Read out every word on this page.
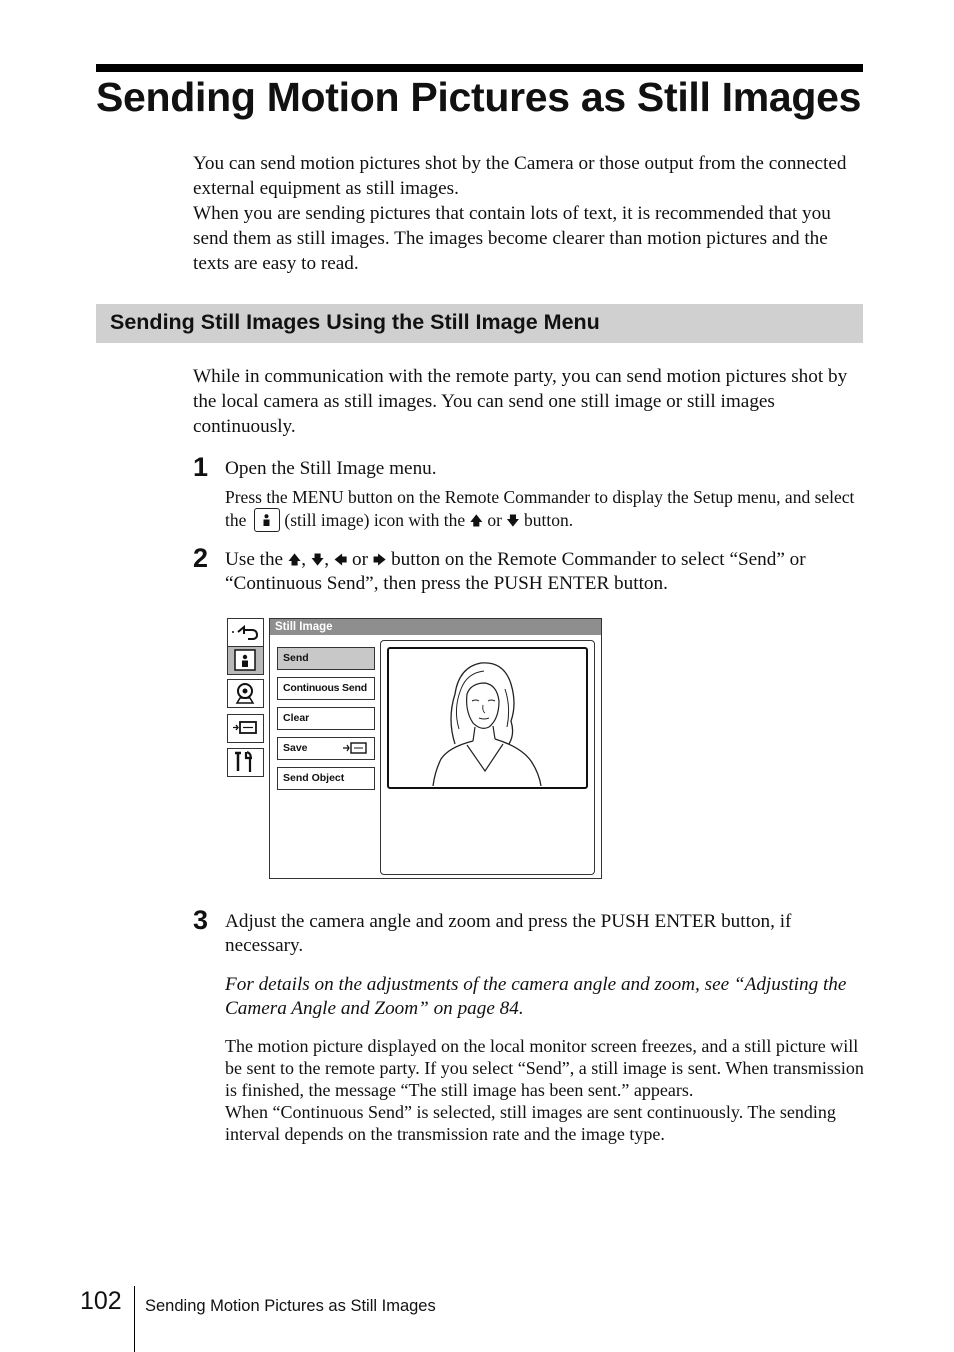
Sending Motion Pictures as Still Images
You can send motion pictures shot by the Camera or those output from the connected external equipment as still images.
When you are sending pictures that contain lots of text, it is recommended that you send them as still images. The images become clearer than motion pictures and the texts are easy to read.
Sending Still Images Using the Still Image Menu
While in communication with the remote party, you can send motion pictures shot by the local camera as still images. You can send one still image or still images continuously.
1 Open the Still Image menu.
Press the MENU button on the Remote Commander to display the Setup menu, and select the (still image) icon with the 🡅 or 🡇 button.
2 Use the 🡅, 🡇, 🡄 or 🡆 button on the Remote Commander to select “Send” or “Continuous Send”, then press the PUSH ENTER button.
Still Image
Send
Continuous Send
Clear
Save
Send Object
3 Adjust the camera angle and zoom and press the PUSH ENTER button, if necessary.
For details on the adjustments of the camera angle and zoom, see “Adjusting the Camera Angle and Zoom” on page 84.
The motion picture displayed on the local monitor screen freezes, and a still picture will be sent to the remote party. If you select “Send”, a still image is sent. When transmission is finished, the message “The still image has been sent.” appears.
When “Continuous Send” is selected, still images are sent continuously. The sending interval depends on the transmission rate and the image type.
102 Sending Motion Pictures as Still Images
